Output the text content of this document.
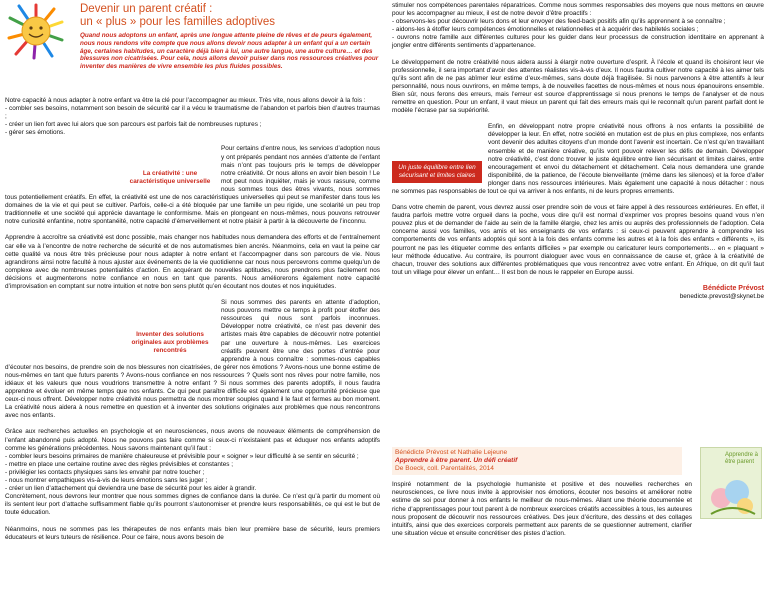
Devenir un parent créatif :
un « plus » pour les familles adoptives
Quand nous adoptons un enfant, après une longue attente pleine de rêves et de peurs également, nous nous rendons vite compte que nous allons devoir nous adapter à un enfant qui a un certain âge, certaines habitudes, un caractère déjà bien à lui, une autre langue, une autre culture… et des blessures non cicatrisées. Pour cela, nous allons devoir puiser dans nos ressources créatives pour inventer des manières de vivre ensemble les plus fluides possibles.

Notre capacité à nous adapter à notre enfant va être la clé pour l’accompagner au mieux. Très vite, nous allons devoir à la fois :

- combler ses besoins, notamment son besoin de sécurité car il a vécu le traumatisme de l’abandon et parfois bien d’autres traumas ;

- créer un lien fort avec lui alors que son parcours est parfois fait de nombreuses ruptures ;

- gérer ses émotions.

La créativité : une caractéristique universelle

Pour certains d’entre nous, les services d’adoption nous y ont préparés pendant nos années d’attente de l’enfant mais n’ont pas toujours pris le temps de développer notre créativité. Or nous allons en avoir bien besoin ! Le mot peut nous inquiéter, mais je vous rassure, comme nous sommes tous des êtres vivants, nous sommes tous potentiellement créatifs. En effet, la créativité est une de nos caractéristiques universelles qui peut se manifester dans tous les domaines de la vie et qui peut se cultiver. Parfois, celle-ci a été bloquée par une famille un peu rigide, une scolarité un peu trop traditionnelle et une société qui apprécie davantage le conformisme. Mais en plongeant en nous-mêmes, nous pouvons retrouver notre curiosité enfantine, notre spontanéité, notre capacité d’émerveillement et notre plaisir à partir à la découverte de l’inconnu.

Apprendre à accroître sa créativité est donc possible, mais changer nos habitudes nous demandera des efforts et de l’entraînement car elle va à l’encontre de notre recherche de sécurité et de nos automatismes bien ancrés. Néanmoins, cela en vaut la peine car cette qualité va nous être très précieuse pour nous adapter à notre enfant et l’accompagner dans son parcours de vie. Nous agrandirons ainsi notre faculté à nous ajuster aux événements de la vie quotidienne car nous nous percevrons comme quelqu’un de complexe avec de nombreuses potentialités d’action. En acquérant de nouvelles aptitudes, nous prendrons plus facilement nos décisions et augmenterons notre confiance en nous en tant que parents. Nous améliorerons également notre capacité d’improvisation en comptant sur notre intuition et notre bon sens plutôt qu’en écoutant nos doutes et nos inquiétudes.

Inventer des solutions originales aux problèmes rencontrés

Si nous sommes des parents en attente d’adoption, nous pouvons mettre ce temps à profit pour étoffer des ressources qui nous sont parfois inconnues. Développer notre créativité, ce n’est pas devenir des artistes mais être capables de découvrir notre potentiel par une ouverture à nous-mêmes. Les exercices créatifs peuvent être une des portes d’entrée pour apprendre à nous connaître : sommes-nous capables d’écouter nos besoins, de prendre soin de nos blessures non cicatrisées, de gérer nos émotions ? Avons-nous une bonne estime de nous-mêmes en tant que futurs parents ? Avons-nous confiance en nos ressources ? Quels sont nos rêves pour notre famille, nos idéaux et les valeurs que nous voudrions transmettre à notre enfant ? Si nous sommes des parents adoptifs, il nous faudra apprendre et évoluer en même temps que nos enfants. Ce qui peut paraître difficile est également une opportunité précieuse que ceux-ci nous offrent. Développer notre créativité nous permettra de nous montrer souples quand il le faut et fermes au bon moment. La créativité nous aidera à nous remettre en question et à inventer des solutions originales aux problèmes que nous rencontrons avec nos enfants.

Grâce aux recherches actuelles en psychologie et en neurosciences, nous avons de nouveaux éléments de compréhension de l’enfant abandonné puis adopté. Nous ne pouvons pas faire comme si ceux-ci n’existaient pas et éduquer nos enfants adoptifs comme les générations précédentes. Nous savons maintenant qu’il faut :

- combler leurs besoins primaires de manière chaleureuse et prévisible pour « soigner » leur difficulté à se sentir en sécurité ;

- mettre en place une certaine routine avec des règles prévisibles et constantes ;

- privilégier les contacts physiques sans les envahir par notre toucher ;

- nous montrer empathiques vis-à-vis de leurs émotions sans les juger ;

- créer un lien d’attachement qui deviendra une base de sécurité pour les aider à grandir.

Concrètement, nous devrons leur montrer que nous sommes dignes de confiance dans la durée. Ce n’est qu’à partir du moment où ils sentent leur port d’attache suffisamment fiable qu’ils pourront s’autonomiser et prendre leurs responsabilités, ce qui est le but de toute éducation.

Néanmoins, nous ne sommes pas les thérapeutes de nos enfants mais bien leur première base de sécurité, leurs premiers éducateurs et leurs tuteurs de résilience. Pour ce faire, nous avons besoin de

stimuler nos compétences parentales réparatrices. Comme nous sommes responsables des moyens que nous mettons en œuvre pour les accompagner au mieux, il est de notre devoir d’être proactifs :

- observons-les pour découvrir leurs dons et leur envoyer des feed-back positifs afin qu’ils apprennent à se connaître ;

- aidons-les à étoffer leurs compétences émotionnelles et relationnelles et à acquérir des habiletés sociales ;

- ouvrons notre famille aux différentes cultures pour les guider dans leur processus de construction identitaire en apprenant à jongler entre différents sentiments d’appartenance.

Le développement de notre créativité nous aidera aussi à élargir notre ouverture d’esprit. À l’école et quand ils choisiront leur vie professionnelle, il sera important d’avoir des attentes réalistes vis-à-vis d’eux. Il nous faudra cultiver notre capacité à les aimer tels qu’ils sont afin de ne pas abîmer leur estime d’eux-mêmes, sans doute déjà fragilisée. Si nous parvenons à être attentifs à leur personnalité, nous nous ouvrirons, en même temps, à de nouvelles facettes de nous-mêmes et nous nous épanouirons ensemble. Bien sûr, nous ferons des erreurs, mais l’erreur est source d’apprentissage si nous prenons le temps de l’analyser et de nous remettre en question. Pour un enfant, il vaut mieux un parent qui fait des erreurs mais qui le reconnaît qu’un parent parfait dont le modèle l’écrase par sa supériorité.

Un juste équilibre entre lien sécurisant et limites claires

Enfin, en développant notre propre créativité nous offrons à nos enfants la possibilité de développer la leur. En effet, notre société en mutation est de plus en plus complexe, nos enfants vont devenir des adultes citoyens d’un monde dont l’avenir est incertain. Ce n’est qu’en travaillant ensemble et de manière créative, qu’ils vont pouvoir relever les défis de demain. Développer notre créativité, c’est donc trouver le juste équilibre entre lien sécurisant et limites claires, entre encouragement et envoi du détachement et détachement. Cela nous demandera une grande disponibilité, de la patience, de l’écoute bienveillante (même dans les silences) et la force d’aller plonger dans nos ressources intérieures. Mais également une capacité à nous détacher : nous ne sommes pas responsables de tout ce qui va arriver à nos enfants, ni de leurs propres errements.

Dans votre chemin de parent, vous devrez aussi oser prendre soin de vous et faire appel à des ressources extérieures. En effet, il faudra parfois mettre votre orgueil dans la poche, vous dire qu’il est normal d’exprimer vos propres besoins quand vous n’en pouvez plus et de demander de l’aide au sein de la famille élargie, chez les amis ou auprès des professionnels de l’adoption. Cela concerne aussi vos familles, vos amis et les enseignants de vos enfants : si ceux-ci peuvent apprendre à comprendre les comportements de vos enfants adoptés qui sont à la fois des enfants comme les autres et à la fois des enfants « différents », ils pourront ne pas les étiqueter comme des enfants difficiles » par exemple ou caricaturer leurs comportements… en « plaquant » leur méthode éducative. Au contraire, ils pourront dialoguer avec vous en connaissance de cause et, grâce à la créativité de chacun, trouver des solutions aux différentes problématiques que vous rencontrez avec votre enfant. En Afrique, on dit qu’il faut tout un village pour élever un enfant… Il est bon de nous le rappeler en Europe aussi.

Bénédicte Prévost
benedicte.prevost@skynet.be
Bénédicte Prévost et Nathalie Lejeune
Apprendre à être parent. Un défi créatif
De Boeck, coll. Parentalités, 2014
Apprendre à être parent
Inspiré notamment de la psychologie humaniste et positive et des nouvelles recherches en neurosciences, ce livre nous invite à approvisier nos émotions, écouter nos besoins et améliorer notre estime de soi pour donner à nos enfants le meilleur de nous-mêmes. Allant une théorie documentée et riche d’apprentissages pour tout parent à de nombreux exercices créatifs accessibles à tous, les auteures nous proposent de découvrir nos ressources créatives. Des jeux d’écriture, des dessins et des collages intuitifs, ainsi que des exercices corporels permettent aux parents de se questionner autrement, clarifier une situation vécue et ensuite concrétiser des pistes d’action.
